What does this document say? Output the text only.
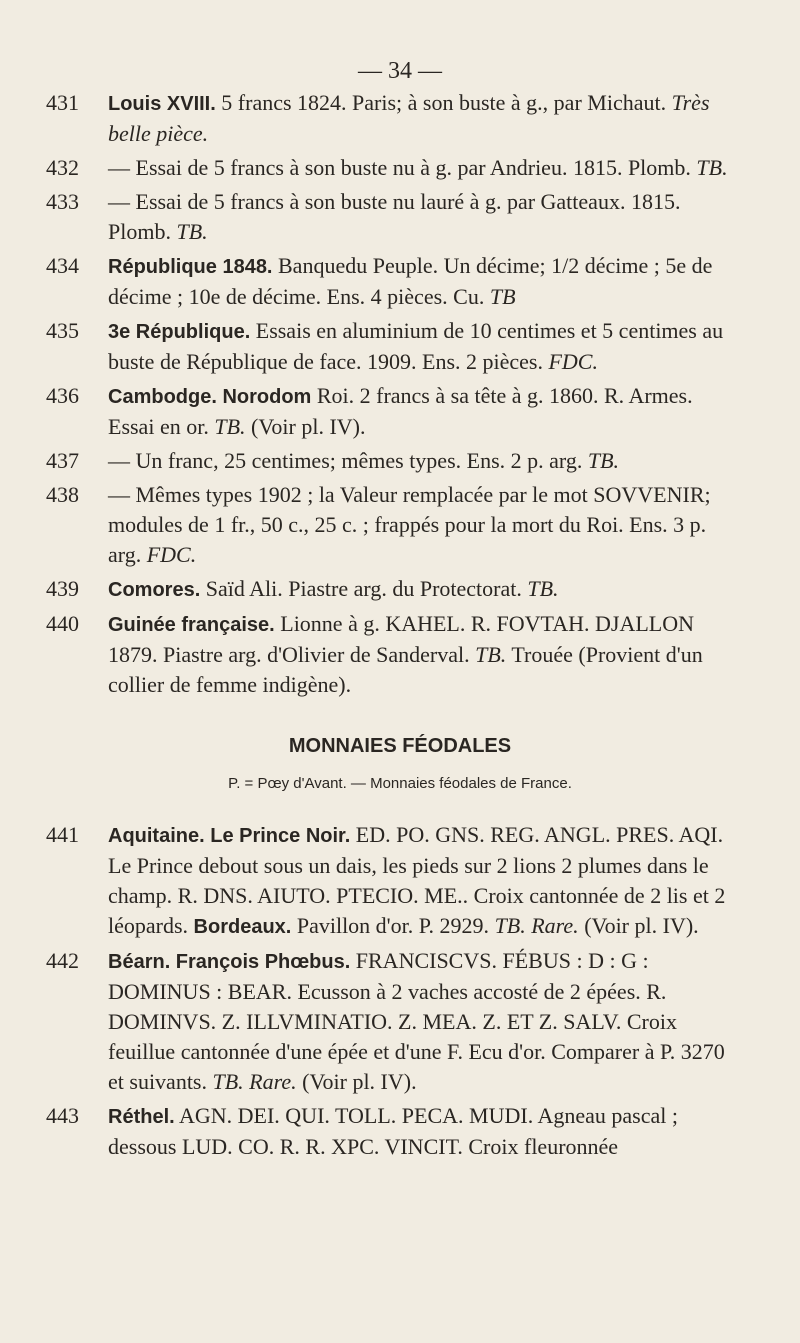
— 34 —
431 Louis XVIII. 5 francs 1824. Paris; à son buste à g., par Michaut. Très belle pièce.
432 — Essai de 5 francs à son buste nu à g. par Andrieu. 1815. Plomb. TB.
433 — Essai de 5 francs à son buste nu lauré à g. par Gatteaux. 1815. Plomb. TB.
434 République 1848. Banquedu Peuple. Un décime; 1/2 décime ; 5e de décime ; 10e de décime. Ens. 4 pièces. Cu. TB
435 3e République. Essais en aluminium de 10 centimes et 5 centimes au buste de République de face. 1909. Ens. 2 pièces. FDC.
436 Cambodge. Norodom Roi. 2 francs à sa tête à g. 1860. R. Armes. Essai en or. TB. (Voir pl. IV).
437 — Un franc, 25 centimes; mêmes types. Ens. 2 p. arg. TB.
438 — Mêmes types 1902 ; la Valeur remplacée par le mot SOVVENIR; modules de 1 fr., 50 c., 25 c. ; frappés pour la mort du Roi. Ens. 3 p. arg. FDC.
439 Comores. Saïd Ali. Piastre arg. du Protectorat. TB.
440 Guinée française. Lionne à g. KAHEL. R. FOVTAH. DJALLON 1879. Piastre arg. d'Olivier de Sanderval. TB. Trouée (Provient d'un collier de femme indigène).
MONNAIES FÉODALES
P. = Pœy d'Avant. — Monnaies féodales de France.
441 Aquitaine. Le Prince Noir. ED. PO. GNS. REG. ANGL. PRES. AQI. Le Prince debout sous un dais, les pieds sur 2 lions 2 plumes dans le champ. R. DNS. AIUTO. PTECIO. ME.. Croix cantonnée de 2 lis et 2 léopards. Bordeaux. Pavillon d'or. P. 2929. TB. Rare. (Voir pl. IV).
442 Béarn. François Phœbus. FRANCISCVS. FÉBUS : D : G : DOMINUS : BEAR. Ecusson à 2 vaches accosté de 2 épées. R. DOMINVS. Z. ILLVMINATIO. Z. MEA. Z. ET Z. SALV. Croix feuillue cantonnée d'une épée et d'une F. Ecu d'or. Comparer à P. 3270 et suivants. TB. Rare. (Voir pl. IV).
443 Réthel. AGN. DEI. QUI. TOLL. PECA. MUDI. Agneau pascal ; dessous LUD. CO. R. R. XPC. VINCIT. Croix fleuronnée
